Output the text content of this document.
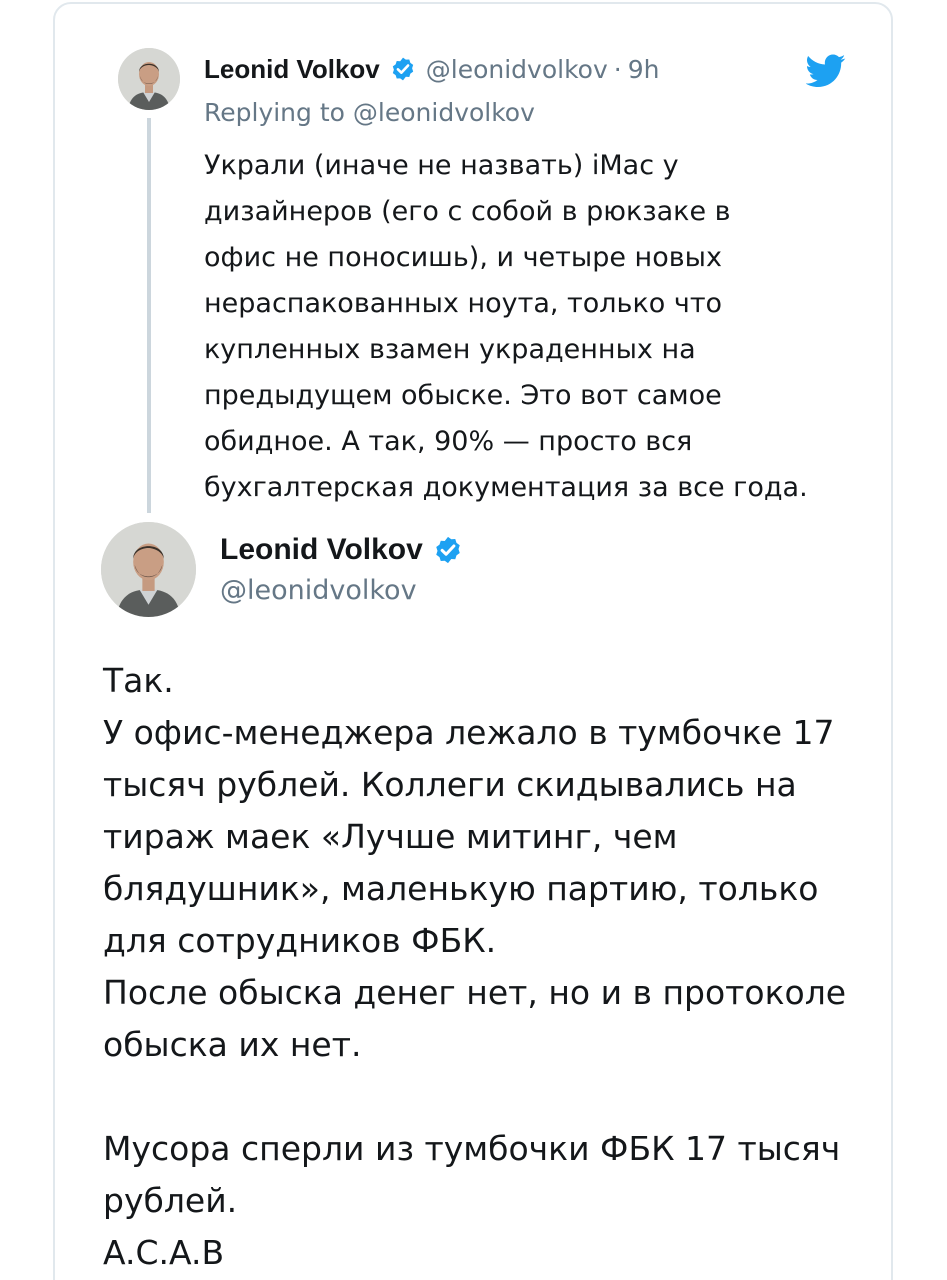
Leonid Volkov @leonidvolkov · 9h
Replying to @leonidvolkov
Украли (иначе не назвать) iMac у
дизайнеров (его с собой в рюкзаке в
офис не поносишь), и четыре новых
нераспакованных ноута, только что
купленных взамен украденных на
предыдущем обыске. Это вот самое
обидное. А так, 90% — просто вся
бухгалтерская документация за все года.
Leonid Volkov
@leonidvolkov
Так.
У офис-менеджера лежало в тумбочке 17
тысяч рублей. Коллеги скидывались на
тираж маек «Лучше митинг, чем
блядушник», маленькую партию, только
для сотрудников ФБК.
После обыска денег нет, но и в протоколе
обыска их нет.
Мусора сперли из тумбочки ФБК 17 тысяч
рублей.
A.C.A.B
